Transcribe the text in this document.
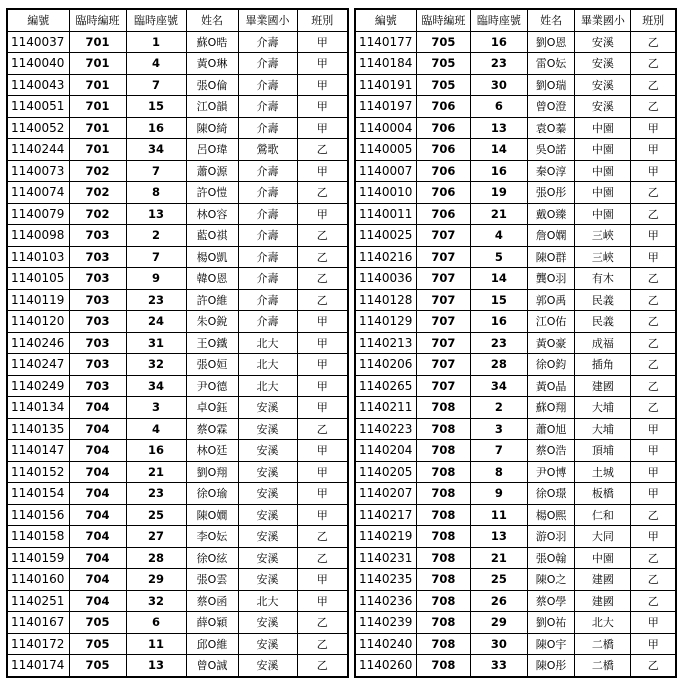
編號	臨時編班	臨時座號	姓名	畢業國小	班別
1140037	701	1	蘇O晧	介壽	甲
1140040	701	4	黃O琳	介壽	甲
1140043	701	7	張O倫	介壽	甲
1140051	701	15	江O韻	介壽	甲
1140052	701	16	陳O綺	介壽	甲
1140244	701	34	呂O瑋	鶯歌	乙
1140073	702	7	蕭O源	介壽	甲
1140074	702	8	許O愷	介壽	乙
1140079	702	13	林O容	介壽	甲
1140098	703	2	藍O祺	介壽	乙
1140103	703	7	楊O凱	介壽	乙
1140105	703	9	韓O恩	介壽	乙
1140119	703	23	許O維	介壽	乙
1140120	703	24	朱O銳	介壽	甲
1140246	703	31	王O鐵	北大	甲
1140247	703	32	張O姮	北大	甲
1140249	703	34	尹O德	北大	甲
1140134	704	3	卓O鈺	安溪	甲
1140135	704	4	蔡O霖	安溪	乙
1140147	704	16	林O廷	安溪	甲
1140152	704	21	劉O翔	安溪	甲
1140154	704	23	徐O瑜	安溪	甲
1140156	704	25	陳O嫺	安溪	甲
1140158	704	27	李O妘	安溪	乙
1140159	704	28	徐O絃	安溪	乙
1140160	704	29	張O雲	安溪	甲
1140251	704	32	蔡O函	北大	甲
1140167	705	6	薛O穎	安溪	乙
1140172	705	11	邱O維	安溪	乙
1140174	705	13	曾O誠	安溪	乙
編號	臨時編班	臨時座號	姓名	畢業國小	班別
1140177	705	16	劉O恩	安溪	乙
1140184	705	23	雷O妘	安溪	乙
1140191	705	30	劉O瑞	安溪	乙
1140197	706	6	曾O澄	安溪	乙
1140004	706	13	袁O蓁	中園	甲
1140005	706	14	吳O諾	中園	甲
1140007	706	16	秦O淳	中園	甲
1140010	706	19	張O彤	中園	乙
1140011	706	21	戴O臻	中園	乙
1140025	707	4	詹O嫻	三峽	甲
1140216	707	5	陳O群	三峽	甲
1140036	707	14	龔O羽	有木	乙
1140128	707	15	郭O禹	民義	乙
1140129	707	16	江O佑	民義	乙
1140213	707	23	黃O豪	成福	乙
1140206	707	28	徐O鈞	插角	乙
1140265	707	34	黃O晶	建國	乙
1140211	708	2	蘇O翔	大埔	乙
1140223	708	3	蕭O旭	大埔	甲
1140204	708	7	蔡O浩	頂埔	甲
1140205	708	8	尹O博	土城	甲
1140207	708	9	徐O璟	板橋	甲
1140217	708	11	楊O熙	仁和	乙
1140219	708	13	游O羽	大同	甲
1140231	708	21	張O翰	中園	乙
1140235	708	25	陳O之	建國	乙
1140236	708	26	蔡O學	建國	乙
1140239	708	29	劉O祐	北大	甲
1140240	708	30	陳O宇	二橋	甲
1140260	708	33	陳O彤	二橋	乙
